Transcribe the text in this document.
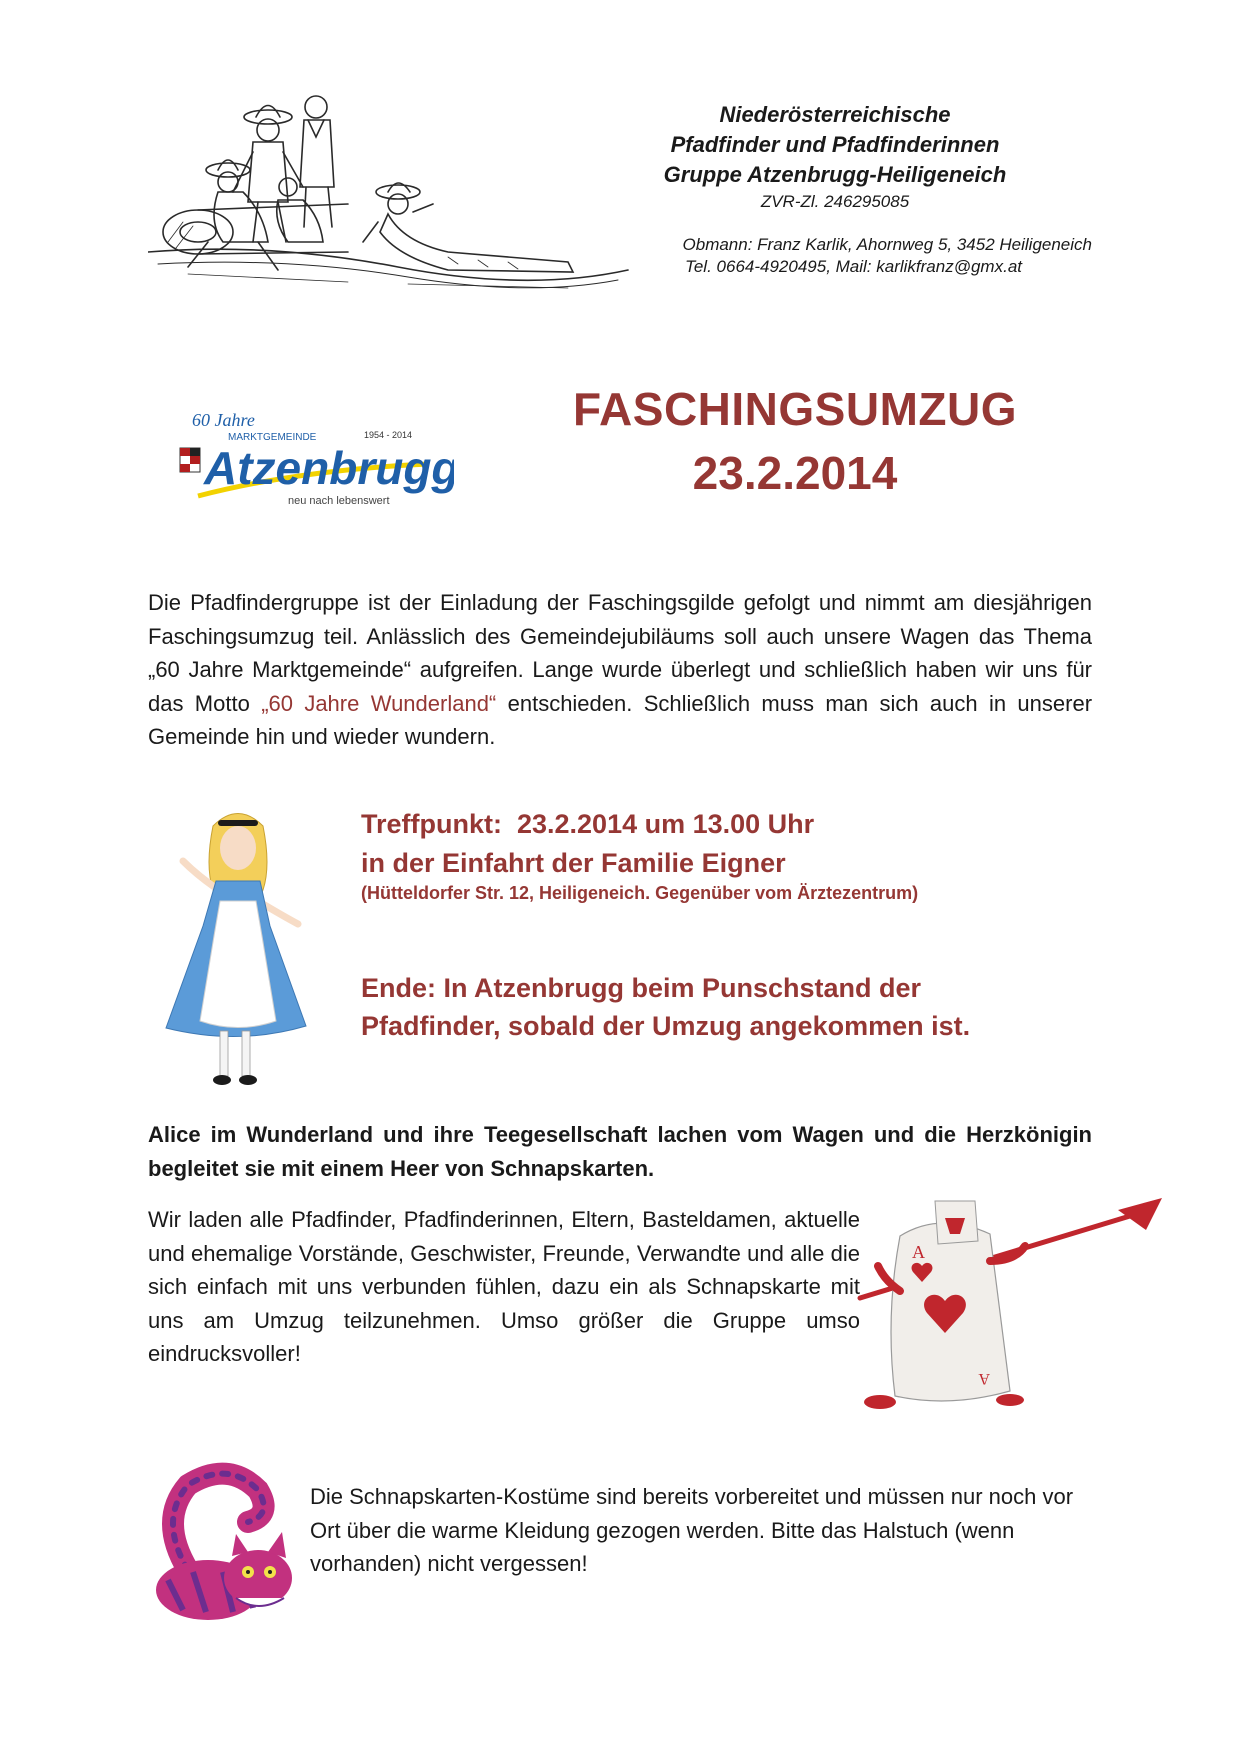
Niederösterreichische
Pfadfinder und Pfadfinderinnen
Gruppe Atzenbrugg-Heiligeneich
ZVR-Zl. 246295085
Obmann: Franz Karlik, Ahornweg 5, 3452 Heiligeneich
Tel. 0664-4920495, Mail: karlikfranz@gmx.at
60 Jahre
MARKTGEMEINDE	1954 - 2014
Atzenbrugg
neu nach lebenswert
FASCHINGSUMZUG
23.2.2014
Die Pfadfindergruppe ist der Einladung der Faschingsgilde gefolgt und nimmt am diesjährigen Faschingsumzug teil. Anlässlich des Gemeindejubiläums soll auch unsere Wagen das Thema „60 Jahre Marktgemeinde“ aufgreifen. Lange wurde überlegt und schließlich haben wir uns für das Motto „60 Jahre Wunderland“ entschieden. Schließlich muss man sich auch in unserer Gemeinde hin und wieder wundern.
Treffpunkt:  23.2.2014 um 13.00 Uhr
in der Einfahrt der Familie Eigner
(Hütteldorfer Str. 12, Heiligeneich. Gegenüber vom Ärztezentrum)
Ende: In Atzenbrugg beim Punschstand der
Pfadfinder, sobald der Umzug angekommen ist.
Alice im Wunderland und ihre Teegesellschaft lachen vom Wagen und die Herzkönigin begleitet sie mit einem Heer von Schnapskarten.
Wir laden alle Pfadfinder, Pfadfinderinnen, Eltern, Basteldamen, aktuelle und ehemalige Vorstände, Geschwister, Freunde, Verwandte und alle die sich einfach mit uns verbunden fühlen, dazu ein als Schnapskarte mit uns am Umzug teilzunehmen. Umso größer die Gruppe umso eindrucksvoller!
A
A
Die Schnapskarten-Kostüme sind bereits vorbereitet und müssen nur noch vor Ort über die warme Kleidung gezogen werden. Bitte das Halstuch (wenn vorhanden) nicht vergessen!
